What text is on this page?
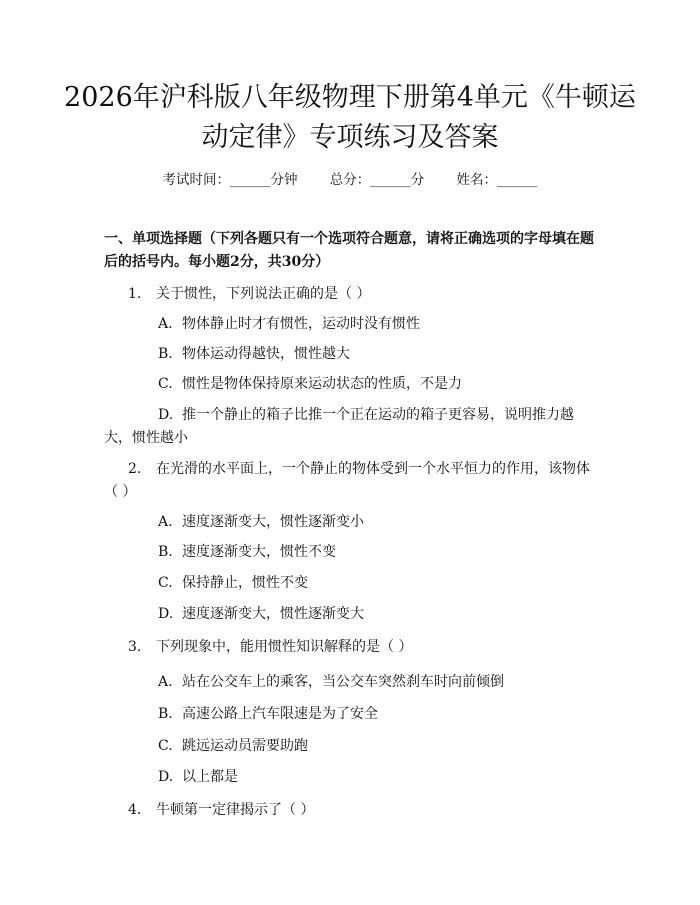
2026年沪科版八年级物理下册第4单元《牛顿运动定律》专项练习及答案
考试时间：______分钟 总分：______分 姓名：______
一、单项选择题（下列各题只有一个选项符合题意，请将正确选项的字母填在题后的括号内。每小题2分，共30分）
1. 关于惯性，下列说法正确的是（ ）
A. 物体静止时才有惯性，运动时没有惯性
B. 物体运动得越快，惯性越大
C. 惯性是物体保持原来运动状态的性质，不是力
D. 推一个静止的箱子比推一个正在运动的箱子更容易，说明推力越大，惯性越小
2. 在光滑的水平面上，一个静止的物体受到一个水平恒力的作用，该物体（ ）
A. 速度逐渐变大，惯性逐渐变小
B. 速度逐渐变大，惯性不变
C. 保持静止，惯性不变
D. 速度逐渐变大，惯性逐渐变大
3. 下列现象中，能用惯性知识解释的是（ ）
A. 站在公交车上的乘客，当公交车突然刹车时向前倾倒
B. 高速公路上汽车限速是为了安全
C. 跳远运动员需要助跑
D. 以上都是
4. 牛顿第一定律揭示了（ ）
